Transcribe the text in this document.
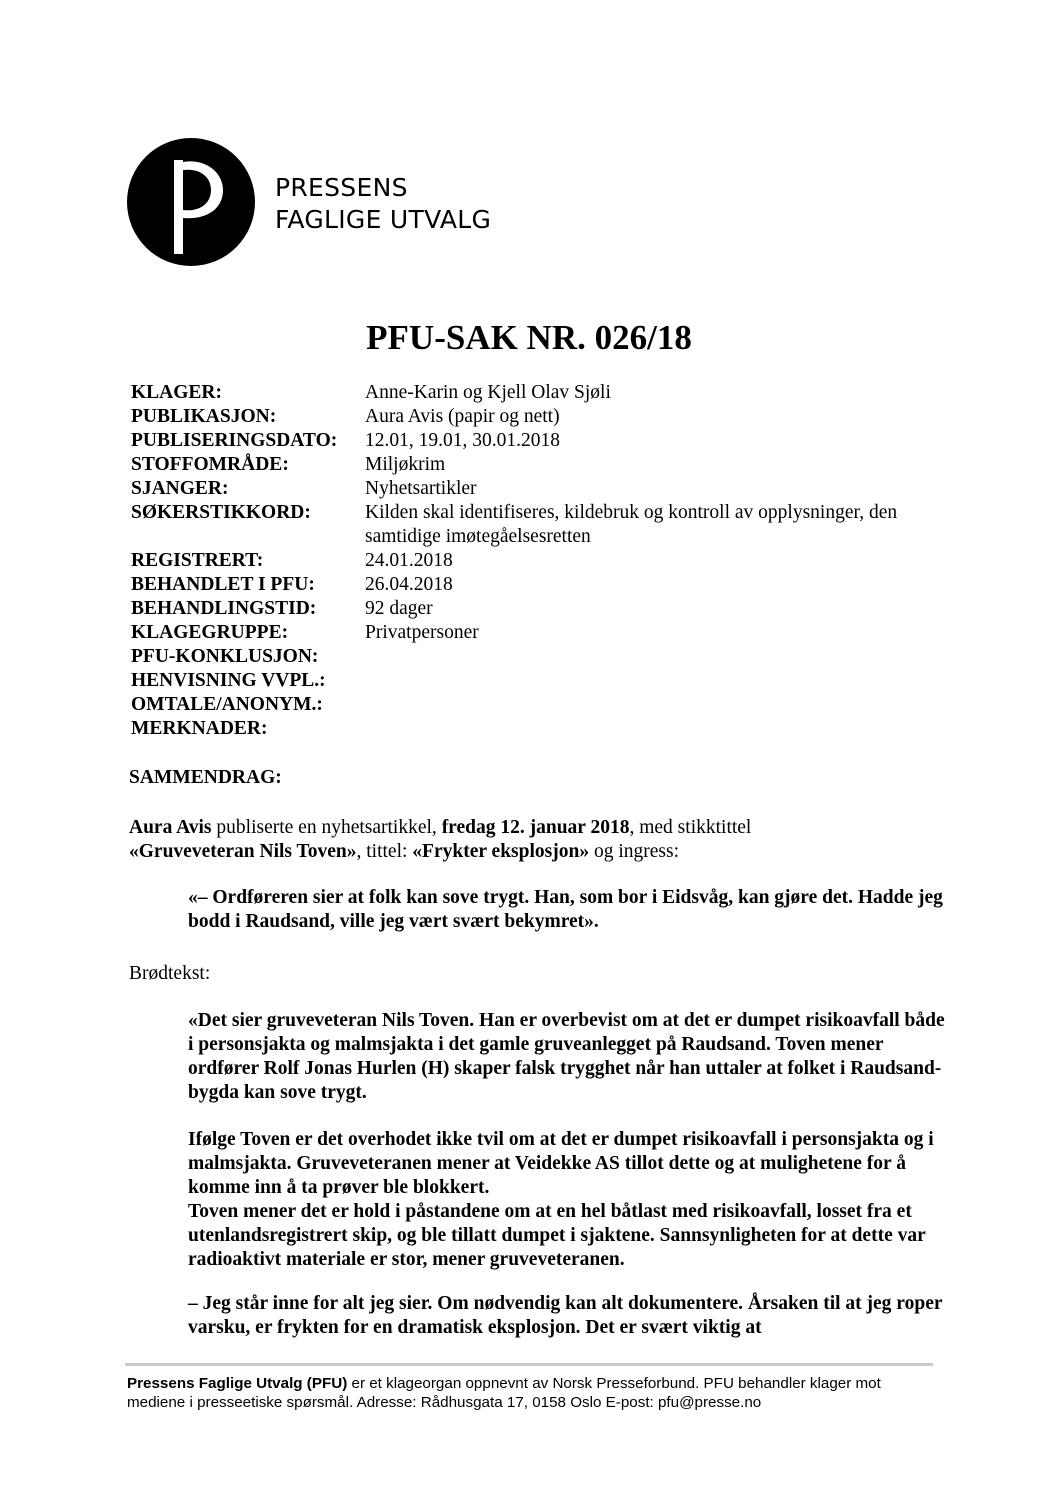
PRESSENS
FAGLIGE UTVALG
PFU-SAK NR. 026/18
KLAGER:	Anne-Karin og Kjell Olav Sjøli
PUBLIKASJON:	Aura Avis (papir og nett)
PUBLISERINGSDATO:	12.01, 19.01, 30.01.2018
STOFFOMRÅDE:	Miljøkrim
SJANGER:	Nyhetsartikler
SØKERSTIKKORD:	Kilden skal identifiseres, kildebruk og kontroll av opplysninger, den samtidige imøtegåelsesretten
REGISTRERT:	24.01.2018
BEHANDLET I PFU:	26.04.2018
BEHANDLINGSTID:	92 dager
KLAGEGRUPPE:	Privatpersoner
PFU-KONKLUSJON:
HENVISNING VVPL.:
OMTALE/ANONYM.:
MERKNADER:
SAMMENDRAG:
Aura Avis publiserte en nyhetsartikkel, fredag 12. januar 2018, med stikktittel
«Gruveveteran Nils Toven», tittel: «Frykter eksplosjon» og ingress:

«– Ordføreren sier at folk kan sove trygt. Han, som bor i Eidsvåg, kan gjøre det. Hadde jeg bodd i Raudsand, ville jeg vært svært bekymret».

Brødtekst:

«Det sier gruveveteran Nils Toven. Han er overbevist om at det er dumpet risikoavfall både i personsjakta og malmsjakta i det gamle gruveanlegget på Raudsand. Toven mener ordfører Rolf Jonas Hurlen (H) skaper falsk trygghet når han uttaler at folket i Raudsand-bygda kan sove trygt.

Ifølge Toven er det overhodet ikke tvil om at det er dumpet risikoavfall i personsjakta og i malmsjakta. Gruveveteranen mener at Veidekke AS tillot dette og at mulighetene for å komme inn å ta prøver ble blokkert.

Toven mener det er hold i påstandene om at en hel båtlast med risikoavfall, losset fra et utenlandsregistrert skip, og ble tillatt dumpet i sjaktene. Sannsynligheten for at dette var radioaktivt materiale er stor, mener gruveveteranen.

– Jeg står inne for alt jeg sier. Om nødvendig kan alt dokumentere. Årsaken til at jeg roper varsku, er frykten for en dramatisk eksplosjon. Det er svært viktig at

Pressens Faglige Utvalg (PFU) er et klageorgan oppnevnt av Norsk Presseforbund. PFU behandler klager mot mediene i presseetiske spørsmål. Adresse: Rådhusgata 17, 0158 Oslo E-post: pfu@presse.no
